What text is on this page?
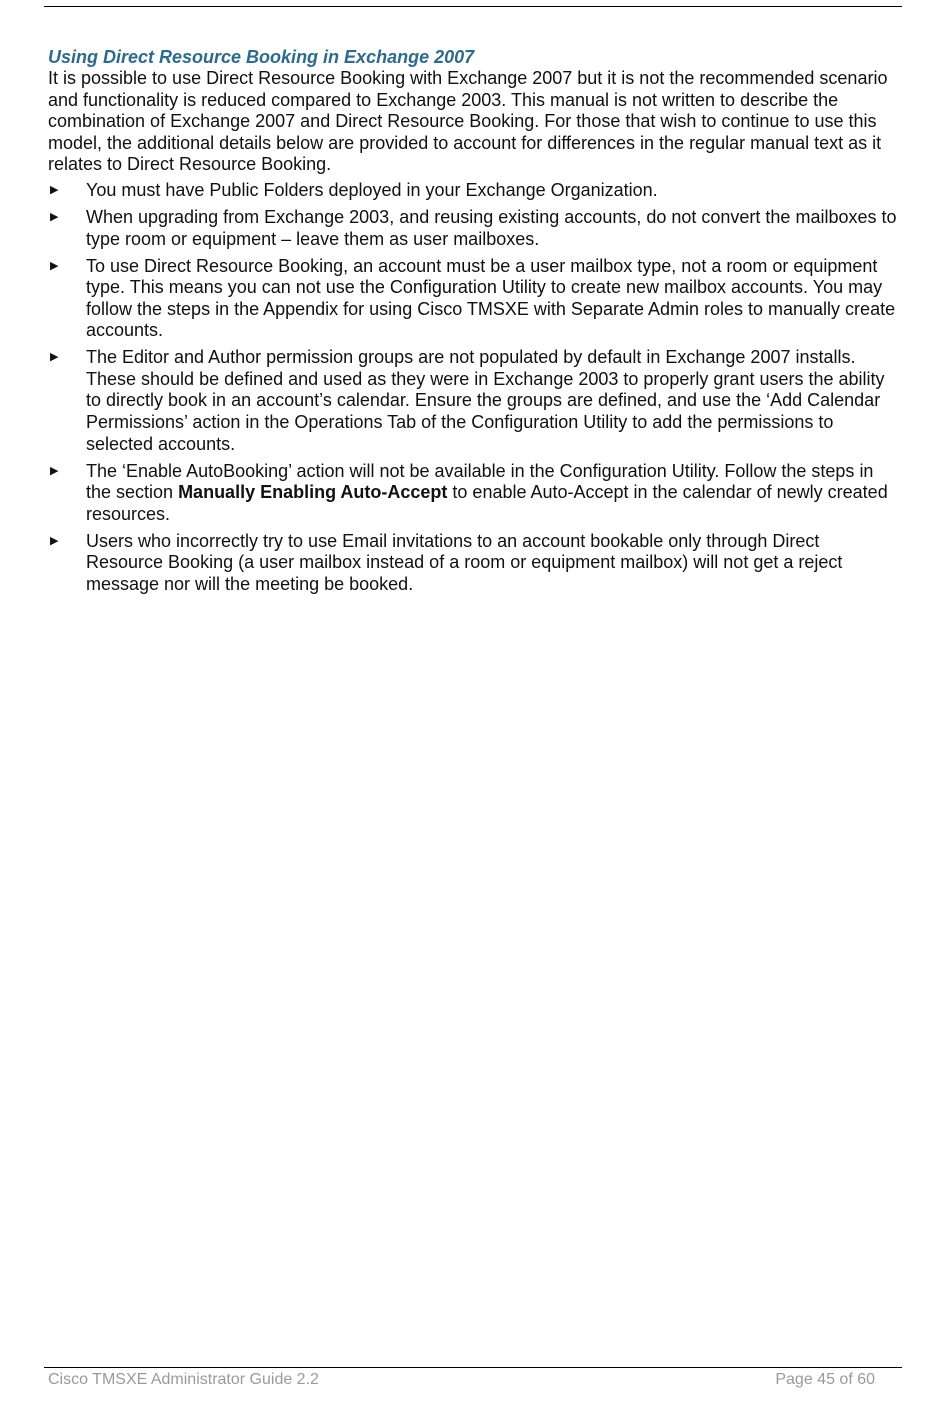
Using Direct Resource Booking in Exchange 2007

It is possible to use Direct Resource Booking with Exchange 2007 but it is not the recommended scenario and functionality is reduced compared to Exchange 2003. This manual is not written to describe the combination of Exchange 2007 and Direct Resource Booking. For those that wish to continue to use this model, the additional details below are provided to account for differences in the regular manual text as it relates to Direct Resource Booking.

▶ You must have Public Folders deployed in your Exchange Organization.
▶ When upgrading from Exchange 2003, and reusing existing accounts, do not convert the mailboxes to type room or equipment – leave them as user mailboxes.
▶ To use Direct Resource Booking, an account must be a user mailbox type, not a room or equipment type. This means you can not use the Configuration Utility to create new mailbox accounts. You may follow the steps in the Appendix for using Cisco TMSXE with Separate Admin roles to manually create accounts.
▶ The Editor and Author permission groups are not populated by default in Exchange 2007 installs. These should be defined and used as they were in Exchange 2003 to properly grant users the ability to directly book in an account’s calendar. Ensure the groups are defined, and use the ‘Add Calendar Permissions’ action in the Operations Tab of the Configuration Utility to add the permissions to selected accounts.
▶ The ‘Enable AutoBooking’ action will not be available in the Configuration Utility. Follow the steps in the section Manually Enabling Auto-Accept to enable Auto-Accept in the calendar of newly created resources.
▶ Users who incorrectly try to use Email invitations to an account bookable only through Direct Resource Booking (a user mailbox instead of a room or equipment mailbox) will not get a reject message nor will the meeting be booked.
Cisco TMSXE Administrator Guide 2.2	Page 45 of 60
